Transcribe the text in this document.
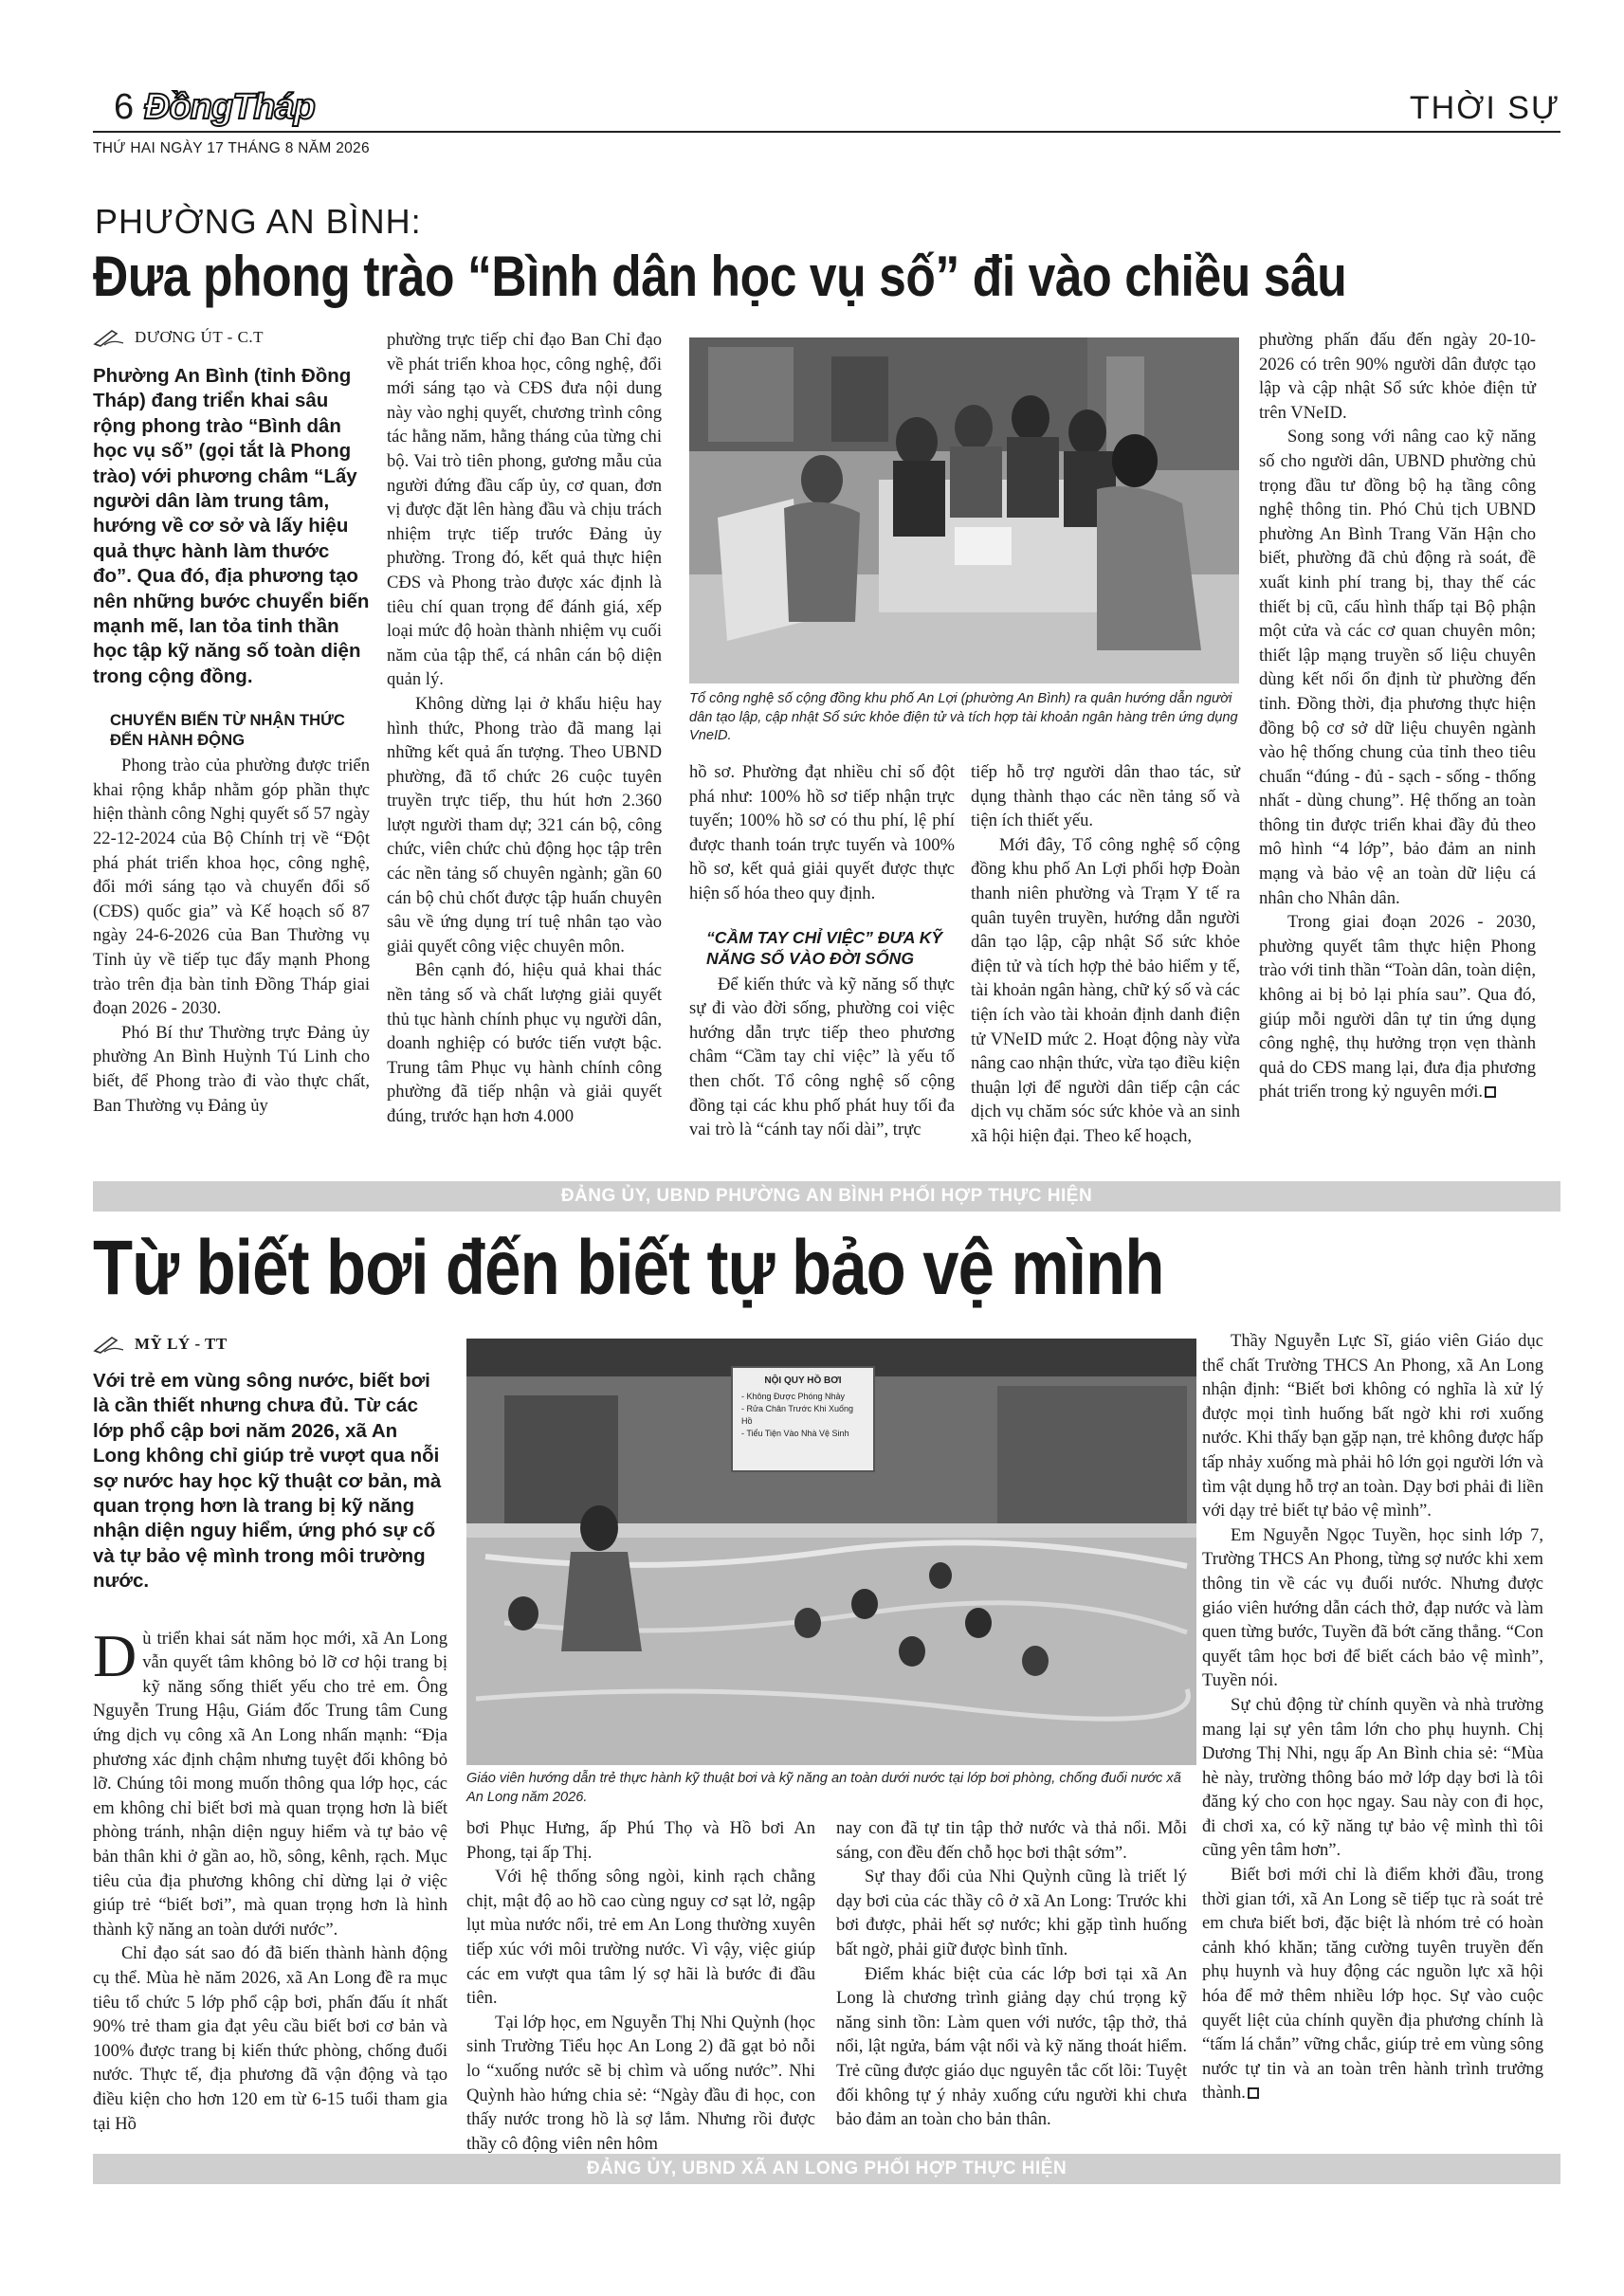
6 ĐồngTháp	THỜI SỰ
THỨ HAI NGÀY 17 THÁNG 8 NĂM 2026
PHƯỜNG AN BÌNH:
Đưa phong trào “Bình dân học vụ số” đi vào chiều sâu
DƯƠNG ÚT - C.T
Phường An Bình (tỉnh Đồng Tháp) đang triển khai sâu rộng phong trào “Bình dân học vụ số” (gọi tắt là Phong trào) với phương châm “Lấy người dân làm trung tâm, hướng về cơ sở và lấy hiệu quả thực hành làm thước đo”. Qua đó, địa phương tạo nên những bước chuyển biến mạnh mẽ, lan tỏa tinh thần học tập kỹ năng số toàn diện trong cộng đồng.
CHUYỂN BIẾN TỪ NHẬN THỨC ĐẾN HÀNH ĐỘNG

Phong trào của phường được triển khai rộng khắp nhằm góp phần thực hiện thành công Nghị quyết số 57 ngày 22-12-2024 của Bộ Chính trị về “Đột phá phát triển khoa học, công nghệ, đổi mới sáng tạo và chuyển đổi số (CĐS) quốc gia” và Kế hoạch số 87 ngày 24-6-2026 của Ban Thường vụ Tỉnh ủy về tiếp tục đẩy mạnh Phong trào trên địa bàn tỉnh Đồng Tháp giai đoạn 2026 - 2030.

Phó Bí thư Thường trực Đảng ủy phường An Bình Huỳnh Tú Linh cho biết, để Phong trào đi vào thực chất, Ban Thường vụ Đảng ủy

phường trực tiếp chỉ đạo Ban Chỉ đạo về phát triển khoa học, công nghệ, đổi mới sáng tạo và CĐS đưa nội dung này vào nghị quyết, chương trình công tác hằng năm, hằng tháng của từng chi bộ. Vai trò tiên phong, gương mẫu của người đứng đầu cấp ủy, cơ quan, đơn vị được đặt lên hàng đầu và chịu trách nhiệm trực tiếp trước Đảng ủy phường. Trong đó, kết quả thực hiện CĐS và Phong trào được xác định là tiêu chí quan trọng để đánh giá, xếp loại mức độ hoàn thành nhiệm vụ cuối năm của tập thể, cá nhân cán bộ diện quản lý.

Không dừng lại ở khẩu hiệu hay hình thức, Phong trào đã mang lại những kết quả ấn tượng. Theo UBND phường, đã tổ chức 26 cuộc tuyên truyền trực tiếp, thu hút hơn 2.360 lượt người tham dự; 321 cán bộ, công chức, viên chức chủ động học tập trên các nền tảng số chuyên ngành; gần 60 cán bộ chủ chốt được tập huấn chuyên sâu về ứng dụng trí tuệ nhân tạo vào giải quyết công việc chuyên môn.

Bên cạnh đó, hiệu quả khai thác nền tảng số và chất lượng giải quyết thủ tục hành chính phục vụ người dân, doanh nghiệp có bước tiến vượt bậc. Trung tâm Phục vụ hành chính công phường đã tiếp nhận và giải quyết đúng, trước hạn hơn 4.000

Tổ công nghệ số cộng đồng khu phố An Lợi (phường An Bình) ra quân hướng dẫn người dân tạo lập, cập nhật Sổ sức khỏe điện tử và tích hợp tài khoản ngân hàng trên ứng dụng VneID.

hồ sơ. Phường đạt nhiều chỉ số đột phá như: 100% hồ sơ tiếp nhận trực tuyến; 100% hồ sơ có thu phí, lệ phí được thanh toán trực tuyến và 100% hồ sơ, kết quả giải quyết được thực hiện số hóa theo quy định.

“CẦM TAY CHỈ VIỆC” ĐƯA KỸ NĂNG SỐ VÀO ĐỜI SỐNG

Để kiến thức và kỹ năng số thực sự đi vào đời sống, phường coi việc hướng dẫn trực tiếp theo phương châm “Cầm tay chỉ việc” là yếu tố then chốt. Tổ công nghệ số cộng đồng tại các khu phố phát huy tối đa vai trò là “cánh tay nối dài”, trực

tiếp hỗ trợ người dân thao tác, sử dụng thành thạo các nền tảng số và tiện ích thiết yếu.

Mới đây, Tổ công nghệ số cộng đồng khu phố An Lợi phối hợp Đoàn thanh niên phường và Trạm Y tế ra quân tuyên truyền, hướng dẫn người dân tạo lập, cập nhật Sổ sức khỏe điện tử và tích hợp thẻ bảo hiểm y tế, tài khoản ngân hàng, chữ ký số và các tiện ích vào tài khoản định danh điện tử VNeID mức 2. Hoạt động này vừa nâng cao nhận thức, vừa tạo điều kiện thuận lợi để người dân tiếp cận các dịch vụ chăm sóc sức khỏe và an sinh xã hội hiện đại. Theo kế hoạch,

phường phấn đấu đến ngày 20-10-2026 có trên 90% người dân được tạo lập và cập nhật Sổ sức khỏe điện tử trên VNeID.

Song song với nâng cao kỹ năng số cho người dân, UBND phường chủ trọng đầu tư đồng bộ hạ tầng công nghệ thông tin. Phó Chủ tịch UBND phường An Bình Trang Văn Hận cho biết, phường đã chủ động rà soát, đề xuất kinh phí trang bị, thay thế các thiết bị cũ, cấu hình thấp tại Bộ phận một cửa và các cơ quan chuyên môn; thiết lập mạng truyền số liệu chuyên dùng kết nối ổn định từ phường đến tỉnh. Đồng thời, địa phương thực hiện đồng bộ cơ sở dữ liệu chuyên ngành vào hệ thống chung của tỉnh theo tiêu chuẩn “đúng - đủ - sạch - sống - thống nhất - dùng chung”. Hệ thống an toàn thông tin được triển khai đầy đủ theo mô hình “4 lớp”, bảo đảm an ninh mạng và bảo vệ an toàn dữ liệu cá nhân cho Nhân dân.

Trong giai đoạn 2026 - 2030, phường quyết tâm thực hiện Phong trào với tinh thần “Toàn dân, toàn diện, không ai bị bỏ lại phía sau”. Qua đó, giúp mỗi người dân tự tin ứng dụng công nghệ, thụ hưởng trọn vẹn thành quả do CĐS mang lại, đưa địa phương phát triển trong kỷ nguyên mới.

ĐẢNG ỦY, UBND PHƯỜNG AN BÌNH PHỐI HỢP THỰC HIỆN
Từ biết bơi đến biết tự bảo vệ mình
MỸ LÝ - TT
Với trẻ em vùng sông nước, biết bơi là cần thiết nhưng chưa đủ. Từ các lớp phổ cập bơi năm 2026, xã An Long không chỉ giúp trẻ vượt qua nỗi sợ nước hay học kỹ thuật cơ bản, mà quan trọng hơn là trang bị kỹ năng nhận diện nguy hiểm, ứng phó sự cố và tự bảo vệ mình trong môi trường nước.

Dù triển khai sát năm học mới, xã An Long vẫn quyết tâm không bỏ lỡ cơ hội trang bị kỹ năng sống thiết yếu cho trẻ em. Ông Nguyễn Trung Hậu, Giám đốc Trung tâm Cung ứng dịch vụ công xã An Long nhấn mạnh: “Địa phương xác định chậm nhưng tuyệt đối không bỏ lỡ. Chúng tôi mong muốn thông qua lớp học, các em không chỉ biết bơi mà quan trọng hơn là biết phòng tránh, nhận diện nguy hiểm và tự bảo vệ bản thân khi ở gần ao, hồ, sông, kênh, rạch. Mục tiêu của địa phương không chỉ dừng lại ở việc giúp trẻ “biết bơi”, mà quan trọng hơn là hình thành kỹ năng an toàn dưới nước”.

Chỉ đạo sát sao đó đã biến thành hành động cụ thể. Mùa hè năm 2026, xã An Long đề ra mục tiêu tổ chức 5 lớp phổ cập bơi, phấn đấu ít nhất 90% trẻ tham gia đạt yêu cầu biết bơi cơ bản và 100% được trang bị kiến thức phòng, chống đuối nước. Thực tế, địa phương đã vận động và tạo điều kiện cho hơn 120 em từ 6-15 tuổi tham gia tại Hồ

NỘI QUY HỒ BƠI
- Không Được Phóng Nhảy
- Rửa Chân Trước Khi Xuống Hồ
- Tiểu Tiện Vào Nhà Vệ Sinh
Giáo viên hướng dẫn trẻ thực hành kỹ thuật bơi và kỹ năng an toàn dưới nước tại lớp bơi phòng, chống đuối nước xã An Long năm 2026.

bơi Phục Hưng, ấp Phú Thọ và Hồ bơi An Phong, tại ấp Thị.

Với hệ thống sông ngòi, kinh rạch chằng chịt, mật độ ao hồ cao cùng nguy cơ sạt lở, ngập lụt mùa nước nổi, trẻ em An Long thường xuyên tiếp xúc với môi trường nước. Vì vậy, việc giúp các em vượt qua tâm lý sợ hãi là bước đi đầu tiên.

Tại lớp học, em Nguyễn Thị Nhi Quỳnh (học sinh Trường Tiểu học An Long 2) đã gạt bỏ nỗi lo “xuống nước sẽ bị chìm và uống nước”. Nhi Quỳnh hào hứng chia sẻ: “Ngày đầu đi học, con thấy nước trong hồ là sợ lắm. Nhưng rồi được thầy cô động viên nên hôm

nay con đã tự tin tập thở nước và thả nổi. Mỗi sáng, con đều đến chỗ học bơi thật sớm”.

Sự thay đổi của Nhi Quỳnh cũng là triết lý dạy bơi của các thầy cô ở xã An Long: Trước khi bơi được, phải hết sợ nước; khi gặp tình huống bất ngờ, phải giữ được bình tĩnh.

Điểm khác biệt của các lớp bơi tại xã An Long là chương trình giảng dạy chú trọng kỹ năng sinh tồn: Làm quen với nước, tập thở, thả nổi, lật ngửa, bám vật nổi và kỹ năng thoát hiểm. Trẻ cũng được giáo dục nguyên tắc cốt lõi: Tuyệt đối không tự ý nhảy xuống cứu người khi chưa bảo đảm an toàn cho bản thân.

Thầy Nguyễn Lực Sĩ, giáo viên Giáo dục thể chất Trường THCS An Phong, xã An Long nhận định: “Biết bơi không có nghĩa là xử lý được mọi tình huống bất ngờ khi rơi xuống nước. Khi thấy bạn gặp nạn, trẻ không được hấp tấp nhảy xuống mà phải hô lớn gọi người lớn và tìm vật dụng hỗ trợ an toàn. Dạy bơi phải đi liền với dạy trẻ biết tự bảo vệ mình”.

Em Nguyễn Ngọc Tuyền, học sinh lớp 7, Trường THCS An Phong, từng sợ nước khi xem thông tin về các vụ đuối nước. Nhưng được giáo viên hướng dẫn cách thở, đạp nước và làm quen từng bước, Tuyền đã bớt căng thẳng. “Con quyết tâm học bơi để biết cách bảo vệ mình”, Tuyền nói.

Sự chủ động từ chính quyền và nhà trường mang lại sự yên tâm lớn cho phụ huynh. Chị Dương Thị Nhi, ngụ ấp An Bình chia sẻ: “Mùa hè này, trường thông báo mở lớp dạy bơi là tôi đăng ký cho con học ngay. Sau này con đi học, đi chơi xa, có kỹ năng tự bảo vệ mình thì tôi cũng yên tâm hơn”.

Biết bơi mới chỉ là điểm khởi đầu, trong thời gian tới, xã An Long sẽ tiếp tục rà soát trẻ em chưa biết bơi, đặc biệt là nhóm trẻ có hoàn cảnh khó khăn; tăng cường tuyên truyền đến phụ huynh và huy động các nguồn lực xã hội hóa để mở thêm nhiều lớp học. Sự vào cuộc quyết liệt của chính quyền địa phương chính là “tấm lá chắn” vững chắc, giúp trẻ em vùng sông nước tự tin và an toàn trên hành trình trưởng thành.

ĐẢNG ỦY, UBND XÃ AN LONG PHỐI HỢP THỰC HIỆN
